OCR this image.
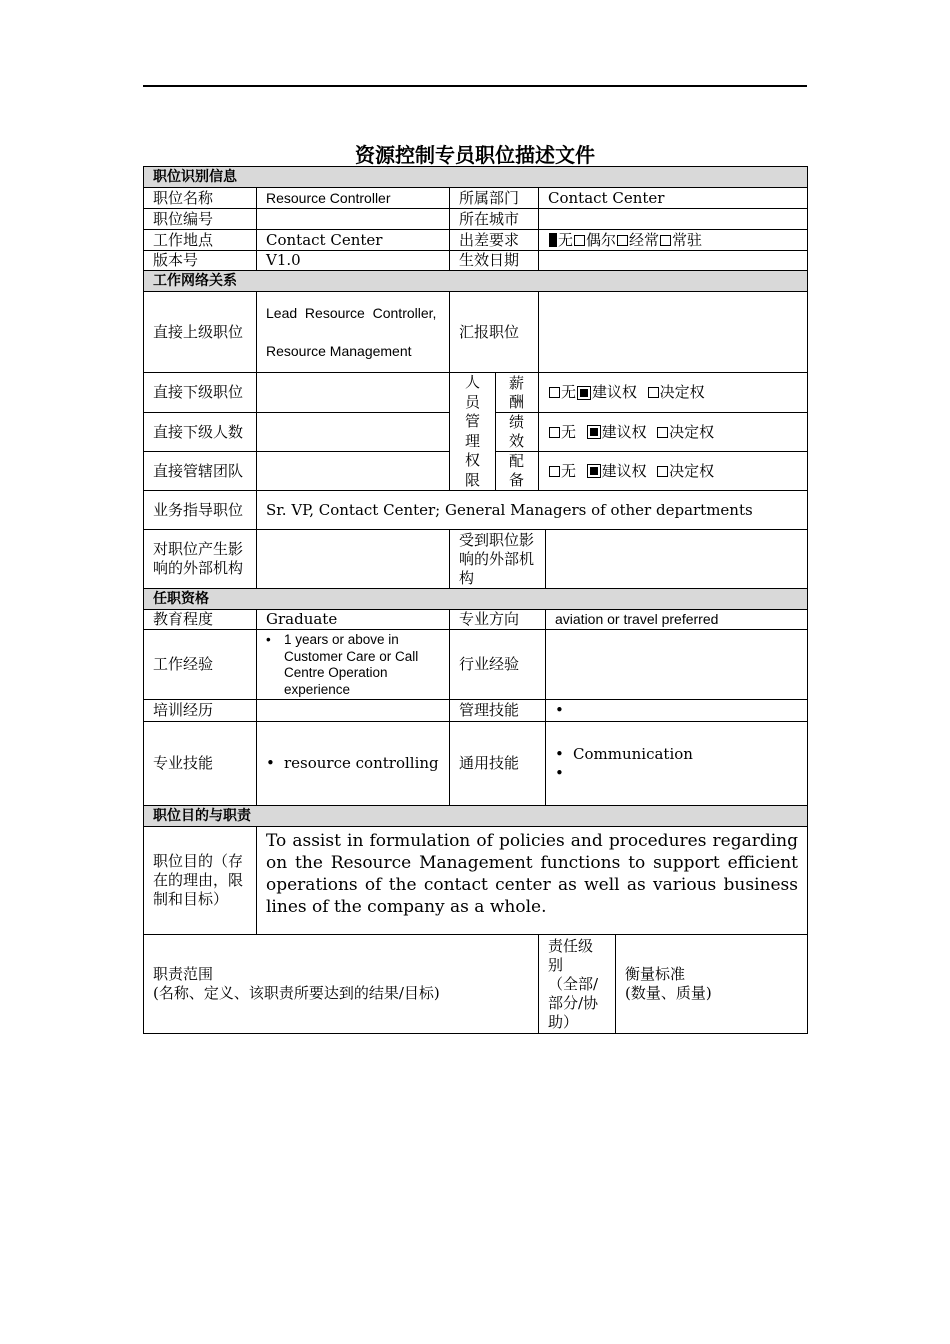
资源控制专员职位描述文件
职位识别信息
职位名称	Resource Controller	所属部门	Contact Center
职位编号	所在城市
工作地点	Contact Center	出差要求	无 偶尔 经常 常驻
版本号	V1.0	生效日期
工作网络关系
直接上级职位
Lead  Resource  Controller,
Resource Management
汇报职位
直接下级职位
直接下级人数
直接管辖团队
人
员
管
理
权
限
薪酬
无 建议权
决定权
绩效
无
建议权
决定权
配备
无
建议权
决定权
业务指导职位	Sr. VP, Contact Center; General Managers of other departments
对职位产生影响的外部机构
受到职位影响的外部机构
任职资格
教育程度	Graduate	专业方向	aviation or travel preferred
工作经验
• 1 years or above in Customer Care or Call Centre Operation experience
行业经验
培训经历	管理技能	•
专业技能
•	resource controlling	通用技能
• Communication
•
职位目的与职责
职位目的（存在的理由，限制和目标）
To assist in formulation of policies and procedures regarding on the Resource Management functions to support efficient operations of the contact center as well as various business lines of the company as a whole.
职责范围
(名称、定义、该职责所要达到的结果/目标)
责任级别
（全部/部分/协助）
衡量标准
(数量、质量)
